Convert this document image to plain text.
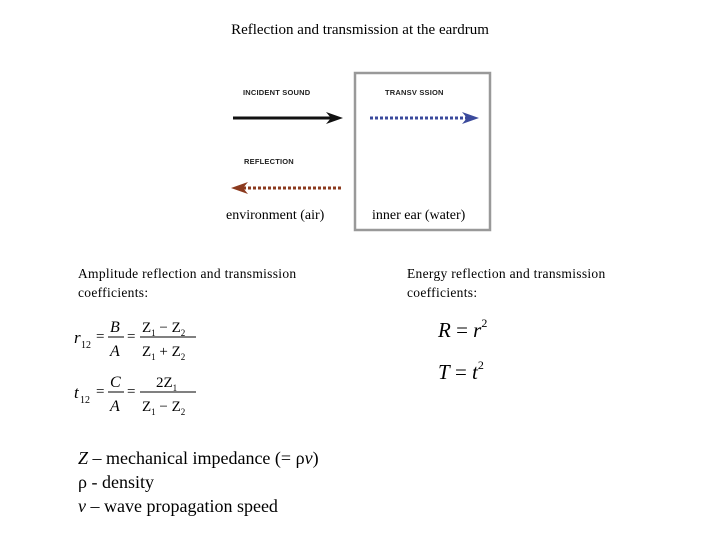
Reflection and transmission at the eardrum
INCIDENT SOUND	TRANSV SSION
REFLECTION
environment (air)	inner ear (water)
Amplitude reflection and transmission
coefficients:
Energy reflection and transmission
coefficients:
r 12
=
B
A
=
$Z_1 - Z_2$
$Z_1 + Z_2$
t 12
=
C
A
=
$2Z_1$
$Z_1 - Z_2$
$R = r^2$
$T = t^2$
Z – mechanical impedance (= ρv)
ρ - density
v – wave propagation speed
